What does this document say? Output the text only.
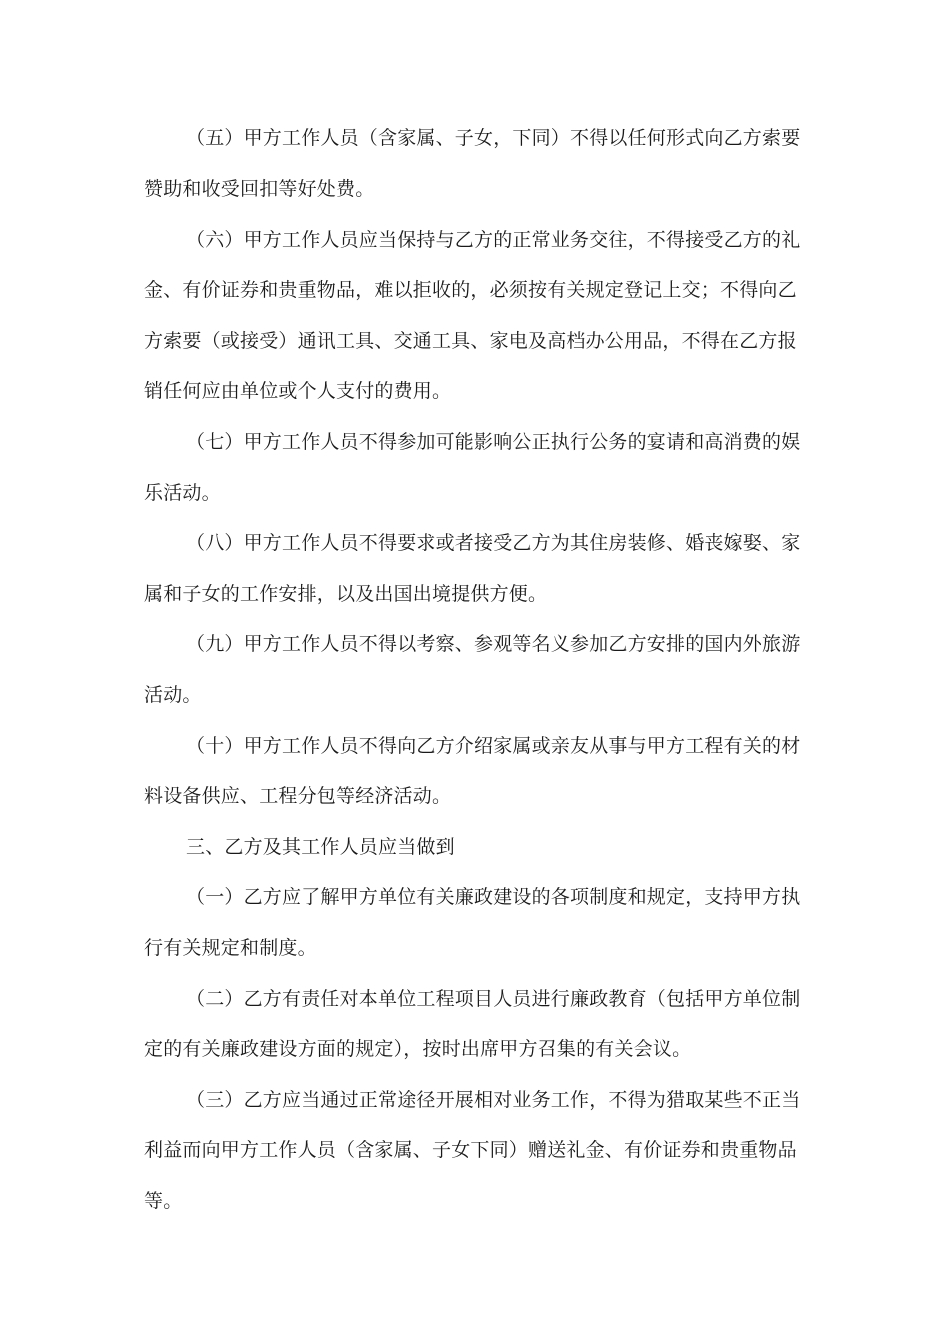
（五）甲方工作人员（含家属、子女，下同）不得以任何形式向乙方索要
赞助和收受回扣等好处费。
（六）甲方工作人员应当保持与乙方的正常业务交往，不得接受乙方的礼
金、有价证券和贵重物品，难以拒收的，必须按有关规定登记上交；不得向乙
方索要（或接受）通讯工具、交通工具、家电及高档办公用品，不得在乙方报
销任何应由单位或个人支付的费用。
（七）甲方工作人员不得参加可能影响公正执行公务的宴请和高消费的娱
乐活动。
（八）甲方工作人员不得要求或者接受乙方为其住房装修、婚丧嫁娶、家
属和子女的工作安排，以及出国出境提供方便。
（九）甲方工作人员不得以考察、参观等名义参加乙方安排的国内外旅游
活动。
（十）甲方工作人员不得向乙方介绍家属或亲友从事与甲方工程有关的材
料设备供应、工程分包等经济活动。
三、乙方及其工作人员应当做到
（一）乙方应了解甲方单位有关廉政建设的各项制度和规定，支持甲方执
行有关规定和制度。
（二）乙方有责任对本单位工程项目人员进行廉政教育（包括甲方单位制
定的有关廉政建设方面的规定），按时出席甲方召集的有关会议。
（三）乙方应当通过正常途径开展相对业务工作，不得为猎取某些不正当
利益而向甲方工作人员（含家属、子女下同）赠送礼金、有价证券和贵重物品
等。
